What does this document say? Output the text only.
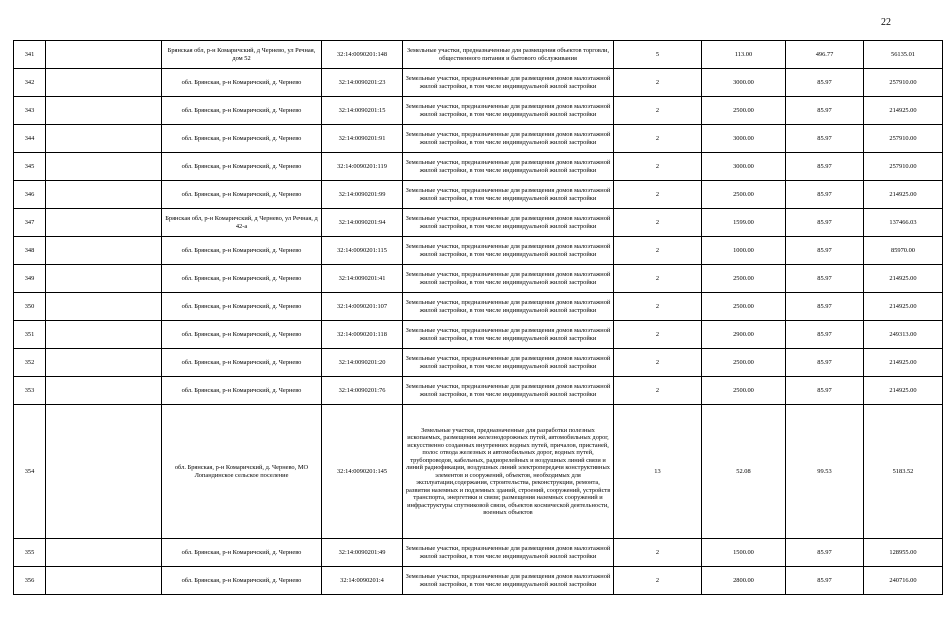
22
341		Брянская обл, р-н Комаричский, д Чернево, ул Речная, дом 52	32:14:0090201:148	Земельные участки, предназначенные для размещения объектов торговли, общественного питания и бытового обслуживания	5	113.00	496.77	56135.01
342		обл. Брянская, р-н Комаричский, д. Чернево	32:14:0090201:23	Земельные участки, предназначенные для размещения домов малоэтажной жилой застройки, в том числе индивидуальной жилой застройки	2	3000.00	85.97	257910.00
343		обл. Брянская, р-н Комаричский, д. Чернево	32:14:0090201:15	Земельные участки, предназначенные для размещения домов малоэтажной жилой застройки, в том числе индивидуальной жилой застройки	2	2500.00	85.97	214925.00
344		обл. Брянская, р-н Комаричский, д. Чернево	32:14:0090201:91	Земельные участки, предназначенные для размещения домов малоэтажной жилой застройки, в том числе индивидуальной жилой застройки	2	3000.00	85.97	257910.00
345		обл. Брянская, р-н Комаричский, д. Чернево	32:14:0090201:119	Земельные участки, предназначенные для размещения домов малоэтажной жилой застройки, в том числе индивидуальной жилой застройки	2	3000.00	85.97	257910.00
346		обл. Брянская, р-н Комаричский, д. Чернево	32:14:0090201:99	Земельные участки, предназначенные для размещения домов малоэтажной жилой застройки, в том числе индивидуальной жилой застройки	2	2500.00	85.97	214925.00
347		Брянская обл, р-н Комаричский, д Чернево, ул Речная, д 42-а	32:14:0090201:94	Земельные участки, предназначенные для размещения домов малоэтажной жилой застройки, в том числе индивидуальной жилой застройки	2	1599.00	85.97	137466.03
348		обл. Брянская, р-н Комаричский, д. Чернево	32:14:0090201:115	Земельные участки, предназначенные для размещения домов малоэтажной жилой застройки, в том числе индивидуальной жилой застройки	2	1000.00	85.97	85970.00
349		обл. Брянская, р-н Комаричский, д. Чернево	32:14:0090201:41	Земельные участки, предназначенные для размещения домов малоэтажной жилой застройки, в том числе индивидуальной жилой застройки	2	2500.00	85.97	214925.00
350		обл. Брянская, р-н Комаричский, д. Чернево	32:14:0090201:107	Земельные участки, предназначенные для размещения домов малоэтажной жилой застройки, в том числе индивидуальной жилой застройки	2	2500.00	85.97	214925.00
351		обл. Брянская, р-н Комаричский, д. Чернево	32:14:0090201:118	Земельные участки, предназначенные для размещения домов малоэтажной жилой застройки, в том числе индивидуальной жилой застройки	2	2900.00	85.97	249313.00
352		обл. Брянская, р-н Комаричский, д. Чернево	32:14:0090201:20	Земельные участки, предназначенные для размещения домов малоэтажной жилой застройки, в том числе индивидуальной жилой застройки	2	2500.00	85.97	214925.00
353		обл. Брянская, р-н Комаричский, д. Чернево	32:14:0090201:76	Земельные участки, предназначенные для размещения домов малоэтажной жилой застройки, в том числе индивидуальной жилой застройки	2	2500.00	85.97	214925.00
354		обл. Брянская, р-н Комаричский, д. Чернево, МО Лопандинское сельское поселение	32:14:0090201:145	Земельные участки, предназначенные для разработки полезных ископаемых, размещения железнодорожных путей, автомобильных дорог, искусственно созданных внутренних водных путей, причалов, пристаней, полос отвода железных и автомобильных дорог, водных путей, трубопроводов, кабельных, радиорелейных и воздушных линий связи и линий радиофикации, воздушных линий электропередачи конструктивных элементов и сооружений, объектов, необходимых для эксплуатации,содержания, строительства, реконструкции, ремонта, развития наземных и подземных зданий, строений, сооружений, устройств транспорта, энергетики и связи; размещения наземных сооружений и инфраструктуры спутниковой связи, объектов космической деятельности, военных объектов	13	52.08	99.53	5183.52
355		обл. Брянская, р-н Комаричский, д. Чернево	32:14:0090201:49	Земельные участки, предназначенные для размещения домов малоэтажной жилой застройки, в том числе индивидуальной жилой застройки	2	1500.00	85.97	128955.00
356		обл. Брянская, р-н Комаричский, д. Чернево	32:14:0090201:4	Земельные участки, предназначенные для размещения домов малоэтажной жилой застройки, в том числе индивидуальной жилой застройки	2	2800.00	85.97	240716.00
